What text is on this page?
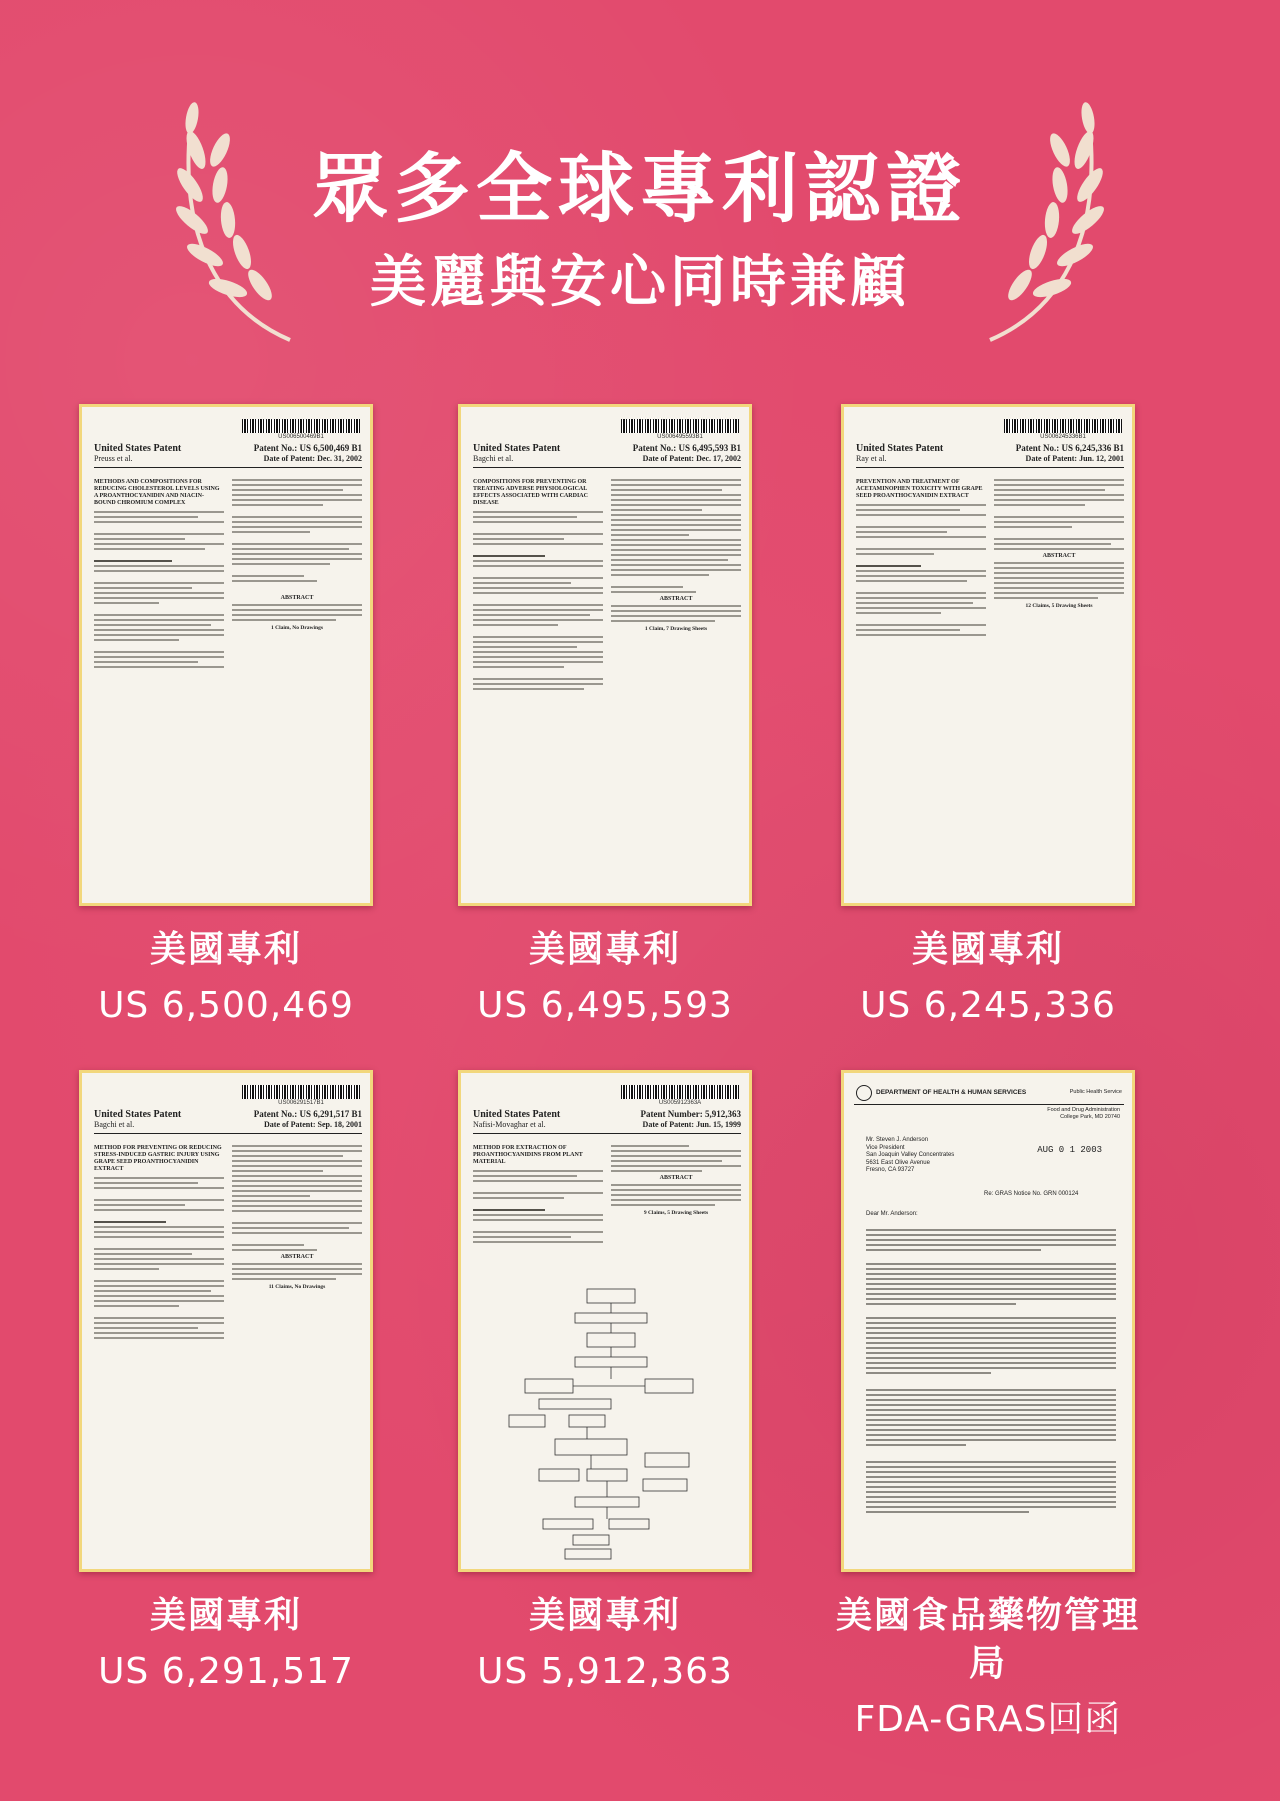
眾多全球專利認證
美麗與安心同時兼顧
US006500469B1
United States Patent	Patent No.: US 6,500,469 B1
Preuss et al.	Date of Patent: Dec. 31, 2002
METHODS AND COMPOSITIONS FOR REDUCING CHOLESTEROL LEVELS USING A PROANTHOCYANIDIN AND NIACIN-BOUND CHROMIUM COMPLEX
ABSTRACT
1 Claim, No Drawings
美國專利
US 6,500,469
US006495593B1
United States Patent	Patent No.: US 6,495,593 B1
Bagchi et al.	Date of Patent: Dec. 17, 2002
COMPOSITIONS FOR PREVENTING OR TREATING ADVERSE PHYSIOLOGICAL EFFECTS ASSOCIATED WITH CARDIAC DISEASE
ABSTRACT
1 Claim, 7 Drawing Sheets
美國專利
US 6,495,593
US006245336B1
United States Patent	Patent No.: US 6,245,336 B1
Ray et al.	Date of Patent: Jun. 12, 2001
PREVENTION AND TREATMENT OF ACETAMINOPHEN TOXICITY WITH GRAPE SEED PROANTHOCYANIDIN EXTRACT
ABSTRACT
12 Claims, 5 Drawing Sheets
美國專利
US 6,245,336
US006291517B1
United States Patent	Patent No.: US 6,291,517 B1
Bagchi et al.	Date of Patent: Sep. 18, 2001
METHOD FOR PREVENTING OR REDUCING STRESS-INDUCED GASTRIC INJURY USING GRAPE SEED PROANTHOCYANIDIN EXTRACT
ABSTRACT
11 Claims, No Drawings
美國專利
US 6,291,517
US005912363A
United States Patent	Patent Number: 5,912,363
Nafisi-Movaghar et al.	Date of Patent: Jun. 15, 1999
METHOD FOR EXTRACTION OF PROANTHOCYANIDINS FROM PLANT MATERIAL
ABSTRACT
9 Claims, 5 Drawing Sheets
美國專利
US 5,912,363
DEPARTMENT OF HEALTH & HUMAN SERVICES	Public Health Service
Food and Drug Administration
College Park, MD 20740
AUG 0 1 2003
Mr. Steven J. Anderson
Vice President
San Joaquin Valley Concentrates
5631 East Olive Avenue
Fresno, CA 93727
Re: GRAS Notice No. GRN 000124
Dear Mr. Anderson:
美國食品藥物管理局
FDA-GRAS回函
